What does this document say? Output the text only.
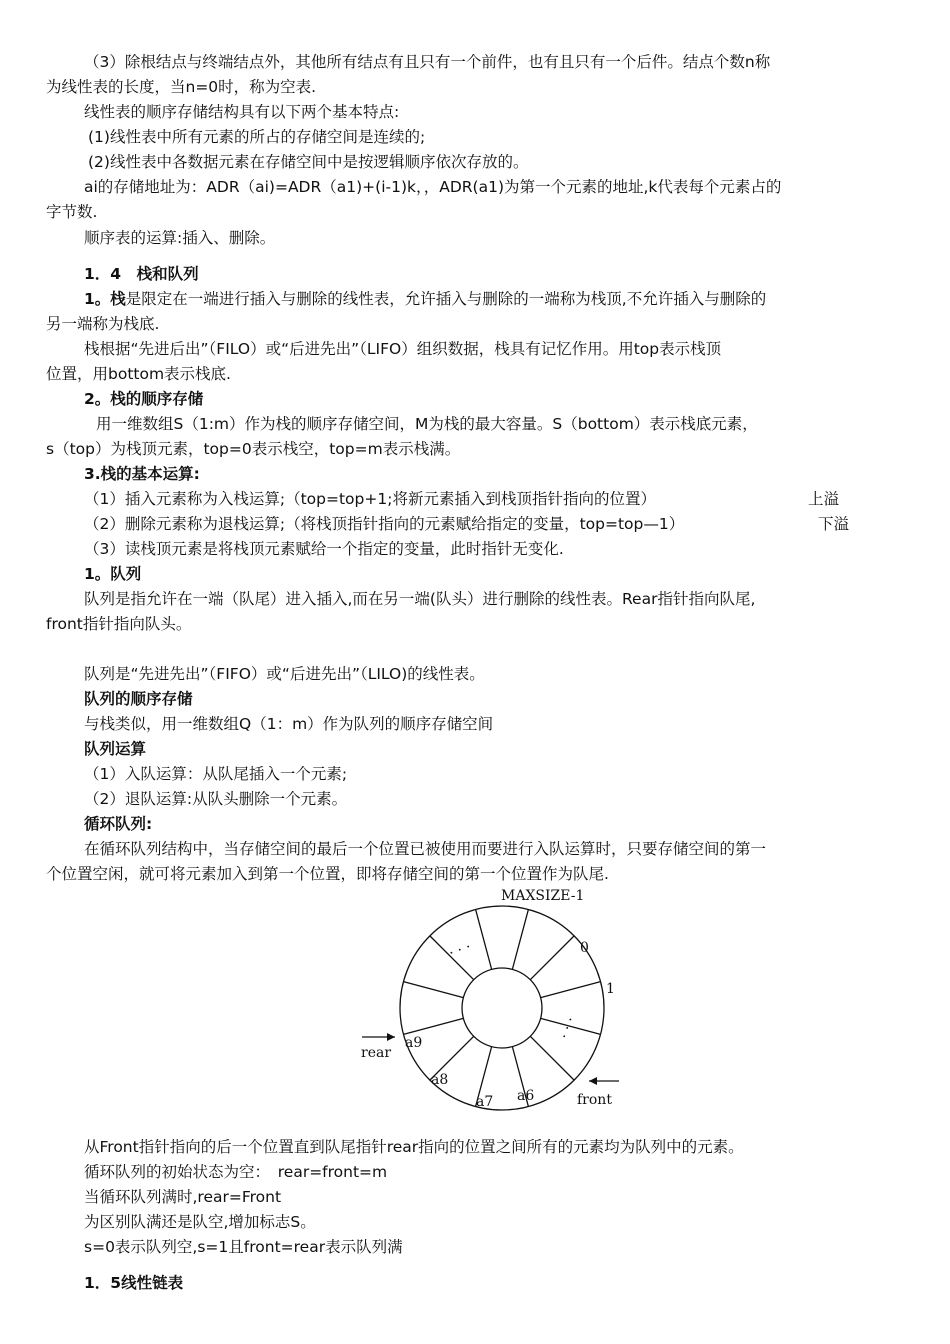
（3）除根结点与终端结点外，其他所有结点有且只有一个前件，也有且只有一个后件。结点个数n称
为线性表的长度，当n=0时，称为空表.
线性表的顺序存储结构具有以下两个基本特点:
(1)线性表中所有元素的所占的存储空间是连续的;
(2)线性表中各数据元素在存储空间中是按逻辑顺序依次存放的。
ai的存储地址为：ADR（ai)=ADR（a1)+(i-1)k，，ADR(a1)为第一个元素的地址,k代表每个元素占的
字节数.
顺序表的运算:插入、删除。
1．4　栈和队列
1。栈是限定在一端进行插入与删除的线性表，允许插入与删除的一端称为栈顶,不允许插入与删除的
另一端称为栈底.
栈根据“先进后出”（FILO）或“后进先出”（LIFO）组织数据，栈具有记忆作用。用top表示栈顶
位置，用bottom表示栈底.
2。栈的顺序存储
用一维数组S（1:m）作为栈的顺序存储空间，M为栈的最大容量。S（bottom）表示栈底元素，
s（top）为栈顶元素，top=0表示栈空，top=m表示栈满。
3.栈的基本运算:
（1）插入元素称为入栈运算;（top=top+1;将新元素插入到栈顶指针指向的位置）	上溢
（2）删除元素称为退栈运算;（将栈顶指针指向的元素赋给指定的变量，top=top—1）	下溢
（3）读栈顶元素是将栈顶元素赋给一个指定的变量，此时指针无变化.
1。队列
队列是指允许在一端（队尾）进入插入,而在另一端(队头）进行删除的线性表。Rear指针指向队尾,
front指针指向队头。
队列是“先进先出”（FIFO）或“后进先出”（LILO)的线性表。
队列的顺序存储
与栈类似，用一维数组Q（1：m）作为队列的顺序存储空间
队列运算
（1）入队运算：从队尾插入一个元素;
（2）退队运算:从队头删除一个元素。
循环队列:
在循环队列结构中，当存储空间的最后一个位置已被使用而要进行入队运算时，只要存储空间的第一
个位置空闲，就可将元素加入到第一个位置，即将存储空间的第一个位置作为队尾.
MAXSIZE-1
0
1
· · ·
· · ·
a9
a8
a7 a6
rear
front
从Front指针指向的后一个位置直到队尾指针rear指向的位置之间所有的元素均为队列中的元素。
循环队列的初始状态为空：　rear=front=m
当循环队列满时,rear=Front
为区别队满还是队空,增加标志S。
s=0表示队列空,s=1且front=rear表示队列满
1．5线性链表
